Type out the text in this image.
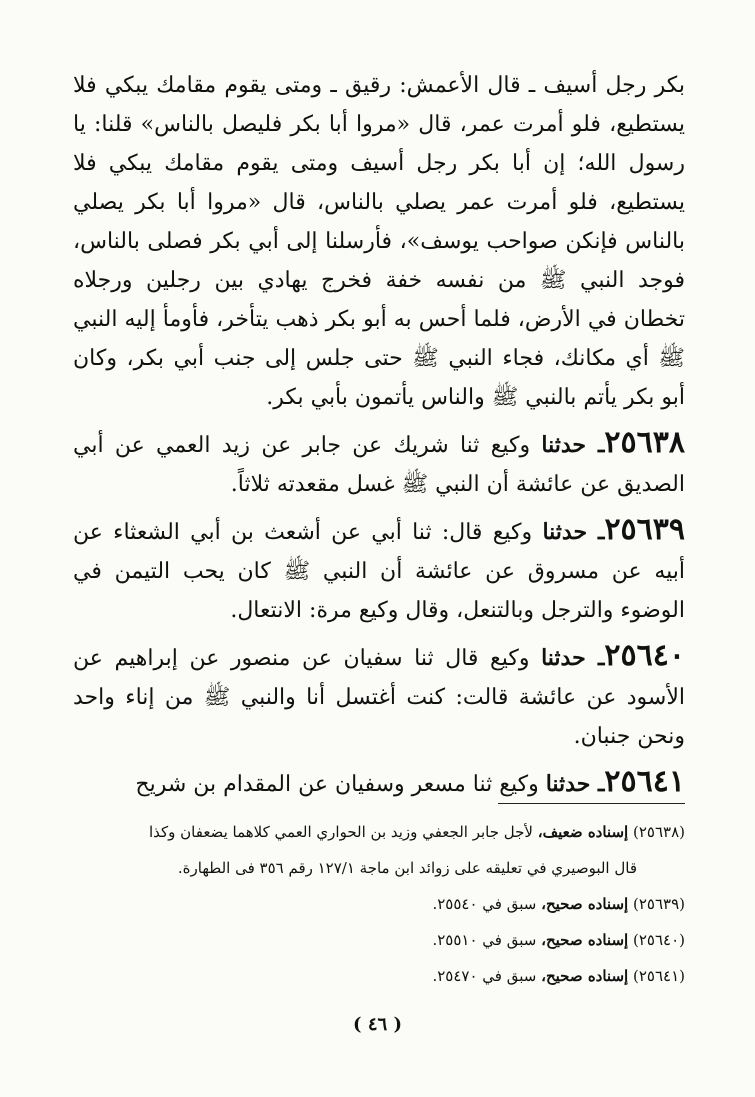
بكر رجل أسيف ـ قال الأعمش: رقيق ـ ومتى يقوم مقامك يبكي فلا يستطيع، فلو أمرت عمر، قال «مروا أبا بكر فليصل بالناس» قلنا: يا رسول الله؛ إن أبا بكر رجل أسيف ومتى يقوم مقامك يبكي فلا يستطيع، فلو أمرت عمر يصلي بالناس، قال «مروا أبا بكر يصلي بالناس فإنكن صواحب يوسف»، فأرسلنا إلى أبي بكر فصلى بالناس، فوجد النبي ﷺ من نفسه خفة فخرج يهادي بين رجلين ورجلاه تخطان في الأرض، فلما أحس به أبو بكر ذهب يتأخر، فأومأ إليه النبي ﷺ أي مكانك، فجاء النبي ﷺ حتى جلس إلى جنب أبي بكر، وكان أبو بكر يأتم بالنبي ﷺ والناس يأتمون بأبي بكر.

٢٥٦٣٨ـ حدثنا وكيع ثنا شريك عن جابر عن زيد العمي عن أبي الصديق عن عائشة أن النبي ﷺ غسل مقعدته ثلاثاً.

٢٥٦٣٩ـ حدثنا وكيع قال: ثنا أبي عن أشعث بن أبي الشعثاء عن أبيه عن مسروق عن عائشة أن النبي ﷺ كان يحب التيمن في الوضوء والترجل وبالتنعل، وقال وكيع مرة: الانتعال.

٢٥٦٤٠ـ حدثنا وكيع قال ثنا سفيان عن منصور عن إبراهيم عن الأسود عن عائشة قالت: كنت أغتسل أنا والنبي ﷺ من إناء واحد ونحن جنبان.

٢٥٦٤١ـ حدثنا وكيع ثنا مسعر وسفيان عن المقدام بن شريح

(٢٥٦٣٨) إسناده ضعيف، لأجل جابر الجعفي وزيد بن الحواري العمي كلاهما يضعفان وكذا

قال البوصيري في تعليقه على زوائد ابن ماجة ١٢٧/١ رقم ٣٥٦ فى الطهارة.

(٢٥٦٣٩) إسناده صحيح، سبق في ٢٥٥٤٠.

(٢٥٦٤٠) إسناده صحيح، سبق في ٢٥٥١٠.

(٢٥٦٤١) إسناده صحيح، سبق في ٢٥٤٧٠.

( ٤٦ )
